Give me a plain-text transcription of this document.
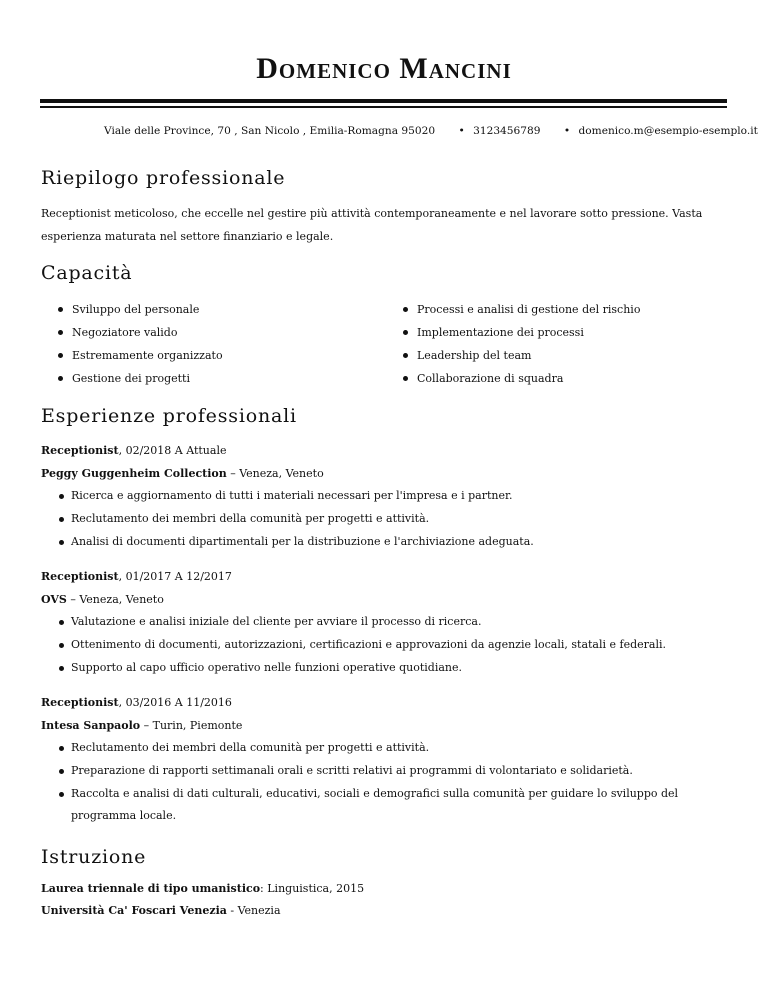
Domenico Mancini
Viale delle Province, 70 , San Nicolo , Emilia-Romagna 95020 • 3123456789 • domenico.m@esempio-esemplo.it
Riepilogo professionale

Receptionist meticoloso, che eccelle nel gestire più attività contemporaneamente e nel lavorare sotto pressione. Vasta esperienza maturata nel settore finanziario e legale.

Capacità
Sviluppo del personale	Processi e analisi di gestione del rischio
Negoziatore valido	Implementazione dei processi
Estremamente organizzato	Leadership del team
Gestione dei progetti	Collaborazione di squadra
Esperienze professionali
Receptionist, 02/2018 A Attuale
Peggy Guggenheim Collection – Veneza, Veneto
Ricerca e aggiornamento di tutti i materiali necessari per l'impresa e i partner.
Reclutamento dei membri della comunità per progetti e attività.
Analisi di documenti dipartimentali per la distribuzione e l'archiviazione adeguata.
Receptionist, 01/2017 A 12/2017
OVS – Veneza, Veneto
Valutazione e analisi iniziale del cliente per avviare il processo di ricerca.
Ottenimento di documenti, autorizzazioni, certificazioni e approvazioni da agenzie locali, statali e federali.
Supporto al capo ufficio operativo nelle funzioni operative quotidiane.
Receptionist, 03/2016 A 11/2016
Intesa Sanpaolo – Turin, Piemonte
Reclutamento dei membri della comunità per progetti e attività.
Preparazione di rapporti settimanali orali e scritti relativi ai programmi di volontariato e solidarietà.
Raccolta e analisi di dati culturali, educativi, sociali e demografici sulla comunità per guidare lo sviluppo del programma locale.
Istruzione
Laurea triennale di tipo umanistico: Linguistica, 2015
Università Ca' Foscari Venezia - Venezia
